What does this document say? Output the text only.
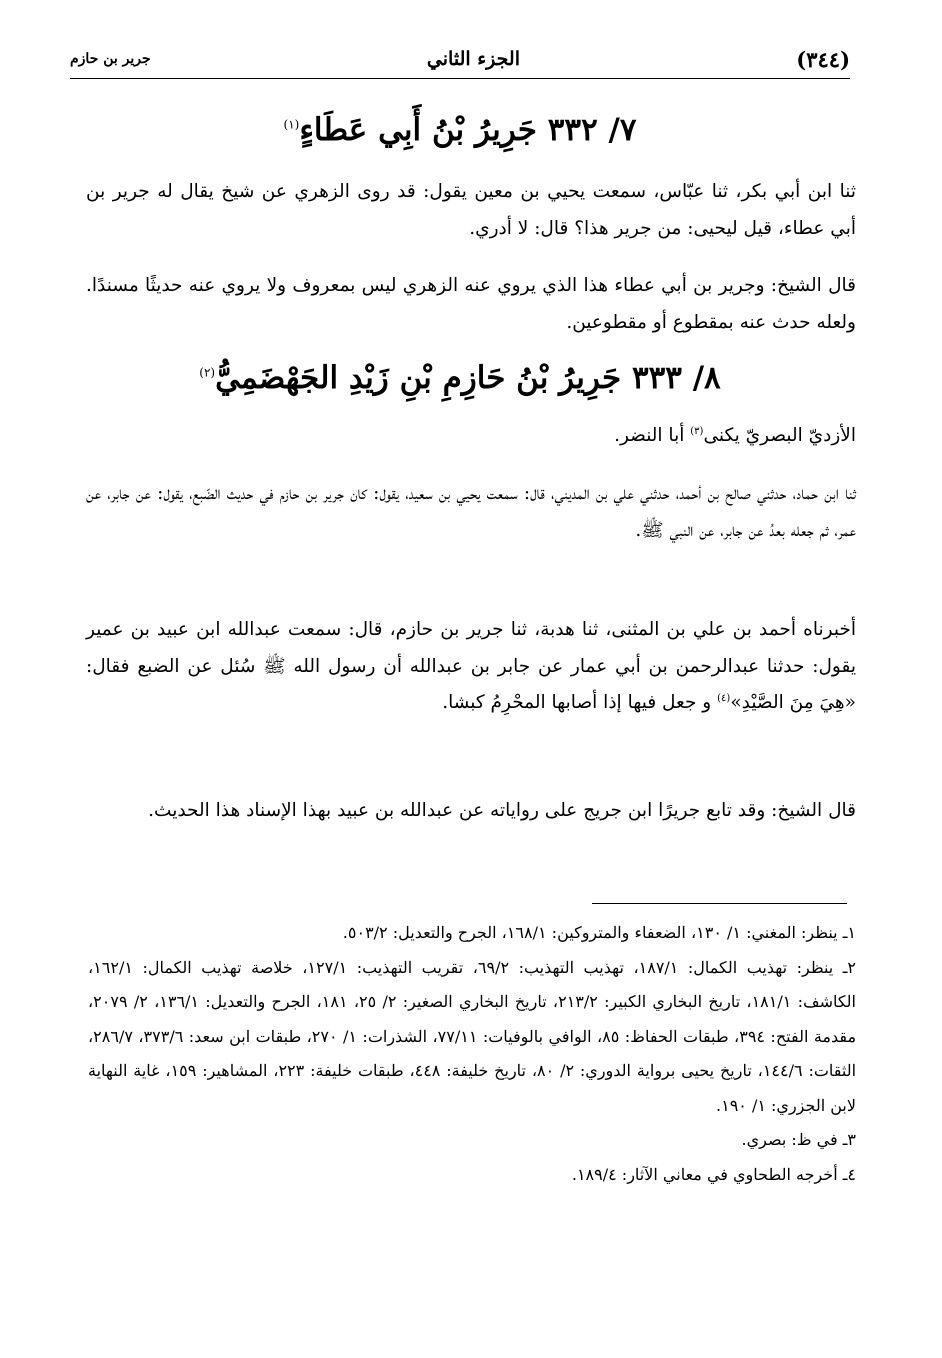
(٣٤٤)
الجزء الثاني
جرير بن حازم
٧/ ٣٣٢ جَرِيرُ بْنُ أَبِي عَطَاءٍ$^{(١)}$

ثنا ابن أبي بكر، ثنا عبّاس، سمعت يحيي بن معين يقول: قد روى الزهري عن شيخ يقال له جرير بن أبي عطاء، قيل ليحيى: من جرير هذا؟ قال: لا أدري.

قال الشيخ: وجرير بن أبي عطاء هذا الذي يروي عنه الزهري ليس بمعروف ولا يروي عنه حديثًا مسندًا. ولعله حدث عنه بمقطوع أو مقطوعين.

٨/ ٣٣٣ جَرِيرُ بْنُ حَازِمِ بْنِ زَيْدِ الجَهْضَمِيُّ$^{(٢)}$

الأزديّ البصريّ يكنى$^{(٣)}$ أبا النضر.

ثنا ابن حماد، حدثني صالح بن أحمد، حدثني علي بن المديني، قال: سمعت يحيي بن سعيد، يقول: كان جرير بن حازم في حديث الضّبع، يقول: عن جابر، عن عمر، ثم جعله بعدُ عن جابر، عن النبي ﷺ.

أخبرناه أحمد بن علي بن المثنى، ثنا هدبة، ثنا جرير بن حازم، قال: سمعت عبدالله ابن عبيد بن عمير يقول: حدثنا عبدالرحمن بن أبي عمار عن جابر بن عبدالله أن رسول الله ﷺ سُئل عن الضبع فقال: «هِيَ مِنَ الصَّيْدِ»$^{(٤)}$ و جعل فيها إذا أصابها المحْرِمُ كبشا.

قال الشيخ: وقد تابع جريرًا ابن جريج على رواياته عن عبدالله بن عبيد بهذا الإسناد هذا الحديث.

١ـ ينظر: المغني: ١/ ١٣٠، الضعفاء والمتروكين: ١٦٨/١، الجرح والتعديل: ٥٠٣/٢.
٢ـ ينظر: تهذيب الكمال: ١٨٧/١، تهذيب التهذيب: ٦٩/٢، تقريب التهذيب: ١٢٧/١، خلاصة تهذيب الكمال: ١٦٢/١، الكاشف: ١٨١/١، تاريخ البخاري الكبير: ٢١٣/٢، تاريخ البخاري الصغير: ٢/ ٢٥، ١٨١، الجرح والتعديل: ١٣٦/١، ٢/ ٢٠٧٩، مقدمة الفتح: ٣٩٤، طبقات الحفاظ: ٨٥، الوافي بالوفيات: ٧٧/١١، الشذرات: ١/ ٢٧٠، طبقات ابن سعد: ٣٧٣/٦، ٢٨٦/٧، الثقات: ١٤٤/٦، تاريخ يحيى برواية الدوري: ٢/ ٨٠، تاريخ خليفة: ٤٤٨، طبقات خليفة: ٢٢٣، المشاهير: ١٥٩، غاية النهاية لابن الجزري: ١/ ١٩٠.
٣ـ في ظ: بصري.
٤ـ أخرجه الطحاوي في معاني الآثار: ١٨٩/٤.
